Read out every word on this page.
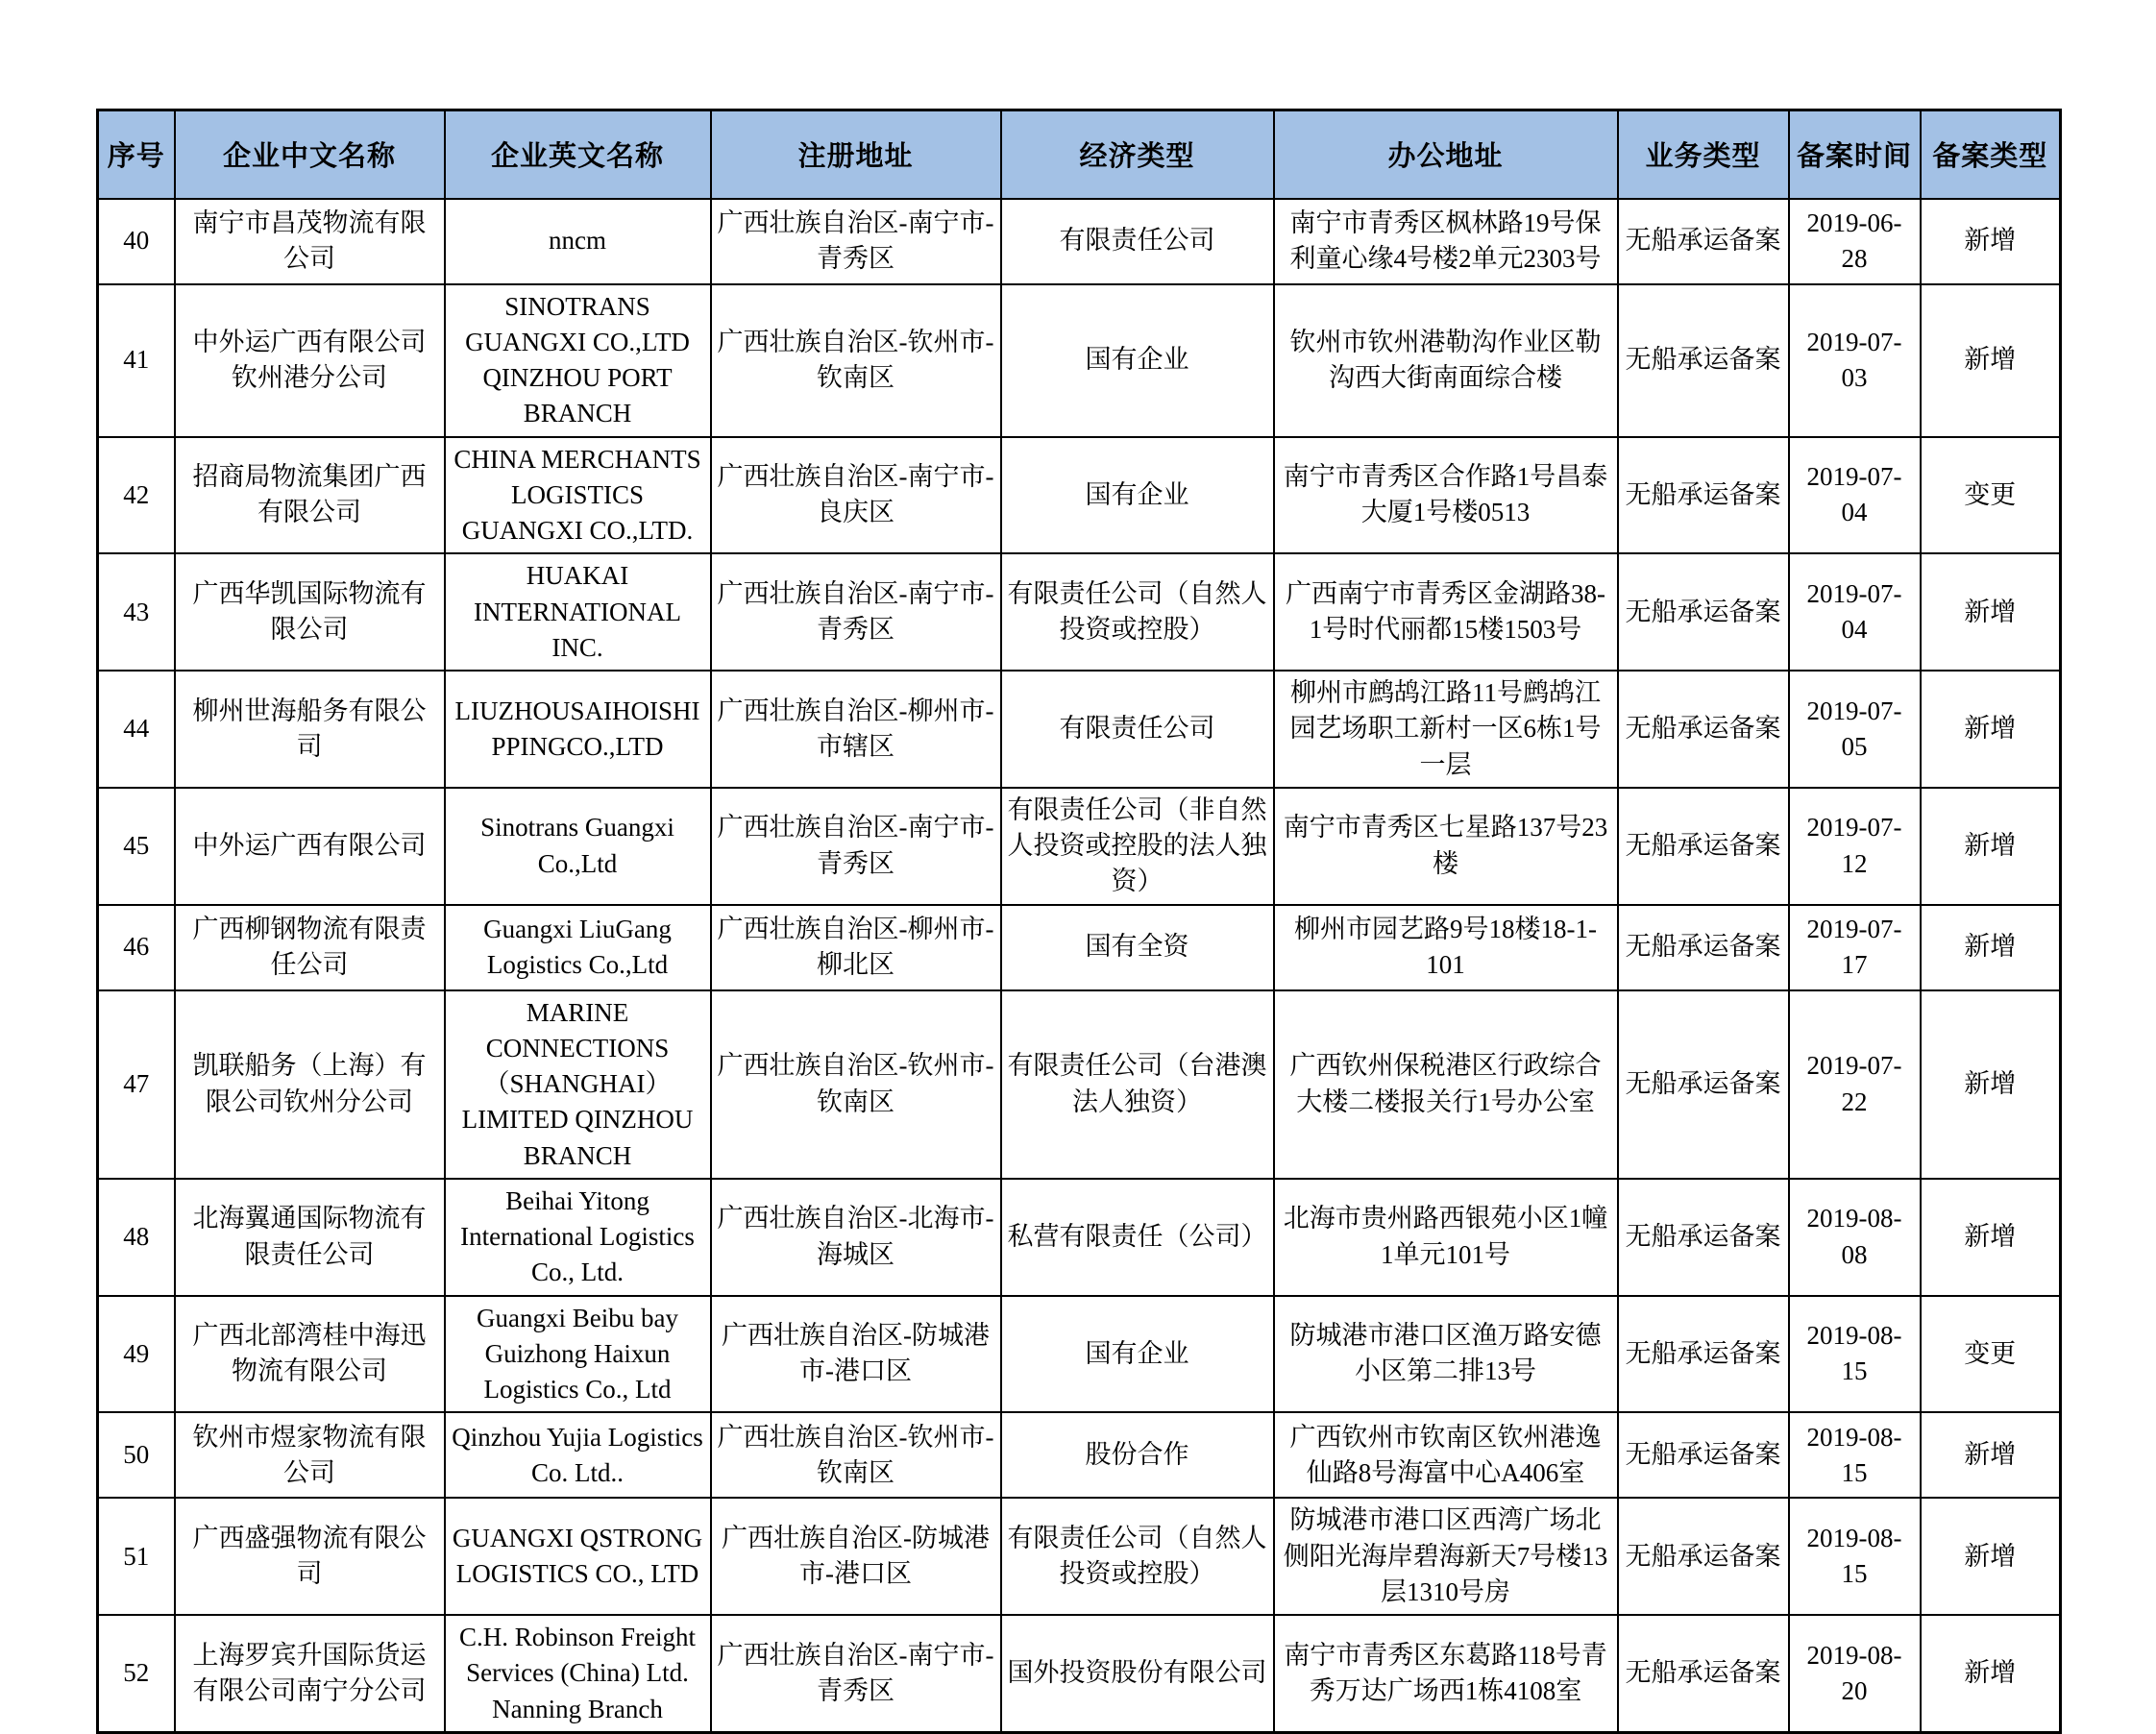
序号	企业中文名称	企业英文名称	注册地址	经济类型	办公地址	业务类型	备案时间	备案类型
40	南宁市昌茂物流有限公司	nncm	广西壮族自治区-南宁市-青秀区	有限责任公司	南宁市青秀区枫林路19号保利童心缘4号楼2单元2303号	无船承运备案	2019-06-28	新增
41	中外运广西有限公司钦州港分公司	SINOTRANS GUANGXI CO.,LTD QINZHOU PORT BRANCH	广西壮族自治区-钦州市-钦南区	国有企业	钦州市钦州港勒沟作业区勒沟西大街南面综合楼	无船承运备案	2019-07-03	新增
42	招商局物流集团广西有限公司	CHINA MERCHANTS LOGISTICS GUANGXI CO.,LTD.	广西壮族自治区-南宁市-良庆区	国有企业	南宁市青秀区合作路1号昌泰大厦1号楼0513	无船承运备案	2019-07-04	变更
43	广西华凯国际物流有限公司	HUAKAI INTERNATIONAL INC.	广西壮族自治区-南宁市-青秀区	有限责任公司（自然人投资或控股）	广西南宁市青秀区金湖路38-1号时代丽都15楼1503号	无船承运备案	2019-07-04	新增
44	柳州世海船务有限公司	LIUZHOUSAIHOISHIPPINGCO.,LTD	广西壮族自治区-柳州市-市辖区	有限责任公司	柳州市鹧鸪江路11号鹧鸪江园艺场职工新村一区6栋1号一层	无船承运备案	2019-07-05	新增
45	中外运广西有限公司	Sinotrans Guangxi Co.,Ltd	广西壮族自治区-南宁市-青秀区	有限责任公司（非自然人投资或控股的法人独资）	南宁市青秀区七星路137号23楼	无船承运备案	2019-07-12	新增
46	广西柳钢物流有限责任公司	Guangxi LiuGang Logistics Co.,Ltd	广西壮族自治区-柳州市-柳北区	国有全资	柳州市园艺路9号18楼18-1-101	无船承运备案	2019-07-17	新增
47	凯联船务（上海）有限公司钦州分公司	MARINE CONNECTIONS（SHANGHAI）LIMITED QINZHOU BRANCH	广西壮族自治区-钦州市-钦南区	有限责任公司（台港澳法人独资）	广西钦州保税港区行政综合大楼二楼报关行1号办公室	无船承运备案	2019-07-22	新增
48	北海翼通国际物流有限责任公司	Beihai Yitong International Logistics Co., Ltd.	广西壮族自治区-北海市-海城区	私营有限责任（公司）	北海市贵州路西银苑小区1幢1单元101号	无船承运备案	2019-08-08	新增
49	广西北部湾桂中海迅物流有限公司	Guangxi Beibu bay Guizhong Haixun Logistics Co., Ltd	广西壮族自治区-防城港市-港口区	国有企业	防城港市港口区渔万路安德小区第二排13号	无船承运备案	2019-08-15	变更
50	钦州市煜家物流有限公司	Qinzhou Yujia Logistics Co. Ltd..	广西壮族自治区-钦州市-钦南区	股份合作	广西钦州市钦南区钦州港逸仙路8号海富中心A406室	无船承运备案	2019-08-15	新增
51	广西盛强物流有限公司	GUANGXI QSTRONG LOGISTICS CO., LTD	广西壮族自治区-防城港市-港口区	有限责任公司（自然人投资或控股）	防城港市港口区西湾广场北侧阳光海岸碧海新天7号楼13层1310号房	无船承运备案	2019-08-15	新增
52	上海罗宾升国际货运有限公司南宁分公司	C.H. Robinson Freight Services (China) Ltd. Nanning Branch	广西壮族自治区-南宁市-青秀区	国外投资股份有限公司	南宁市青秀区东葛路118号青秀万达广场西1栋4108室	无船承运备案	2019-08-20	新增
